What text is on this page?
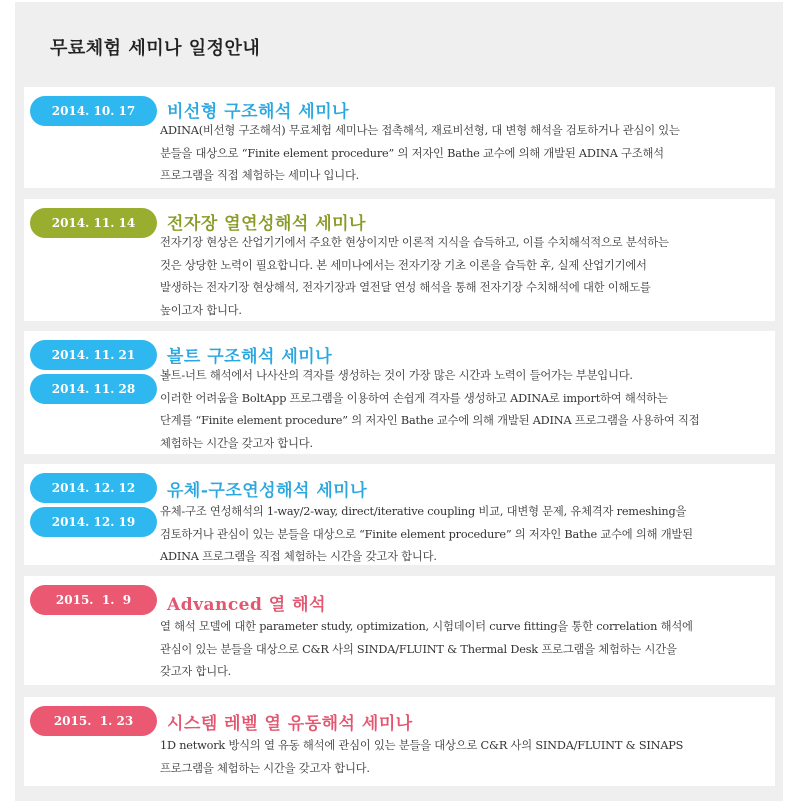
무료체험 세미나 일정안내
2014. 10. 17	비선형 구조해석 세미나
ADINA(비선형 구조해석) 무료체험 세미나는 접촉해석, 재료비선형, 대 변형 해석을 검토하거나 관심이 있는
분들을 대상으로 “Finite element procedure” 의 저자인 Bathe 교수에 의해 개발된 ADINA 구조해석
프로그램을 직접 체험하는 세미나 입니다.
2014. 11. 14	전자장 열연성해석 세미나
전자기장 현상은 산업기기에서 주요한 현상이지만 이론적 지식을 습득하고, 이를 수치해석적으로 분석하는
것은 상당한 노력이 필요합니다. 본 세미나에서는 전자기장 기초 이론을 습득한 후, 실제 산업기기에서
발생하는 전자기장 현상해석, 전자기장과 열전달 연성 해석을 통해 전자기장 수치해석에 대한 이해도를
높이고자 합니다.
2014. 11. 21
2014. 11. 28
볼트 구조해석 세미나
볼트-너트 해석에서 나사산의 격자를 생성하는 것이 가장 많은 시간과 노력이 들어가는 부분입니다.
이러한 어려움을 BoltApp 프로그램을 이용하여 손쉽게 격자를 생성하고 ADINA로 import하여 해석하는
단계를 “Finite element procedure” 의 저자인 Bathe 교수에 의해 개발된 ADINA 프로그램을 사용하여 직접
체험하는 시간을 갖고자 합니다.
2014. 12. 12
2014. 12. 19
유체-구조연성해석 세미나
유체-구조 연성해석의 1-way/2-way, direct/iterative coupling 비교, 대변형 문제, 유체격자 remeshing을
검토하거나 관심이 있는 분들을 대상으로 “Finite element procedure” 의 저자인 Bathe 교수에 의해 개발된
ADINA 프로그램을 직접 체험하는 시간을 갖고자 합니다.
2015.  1.  9	Advanced 열 해석
열 해석 모델에 대한 parameter study, optimization, 시험데이터 curve fitting을 통한 correlation 해석에
관심이 있는 분들을 대상으로 C&R 사의 SINDA/FLUINT & Thermal Desk 프로그램을 체험하는 시간을
갖고자 합니다.
2015.  1. 23	시스템 레벨 열 유동해석 세미나
1D network 방식의 열 유동 해석에 관심이 있는 분들을 대상으로 C&R 사의 SINDA/FLUINT & SINAPS
프로그램을 체험하는 시간을 갖고자 합니다.
